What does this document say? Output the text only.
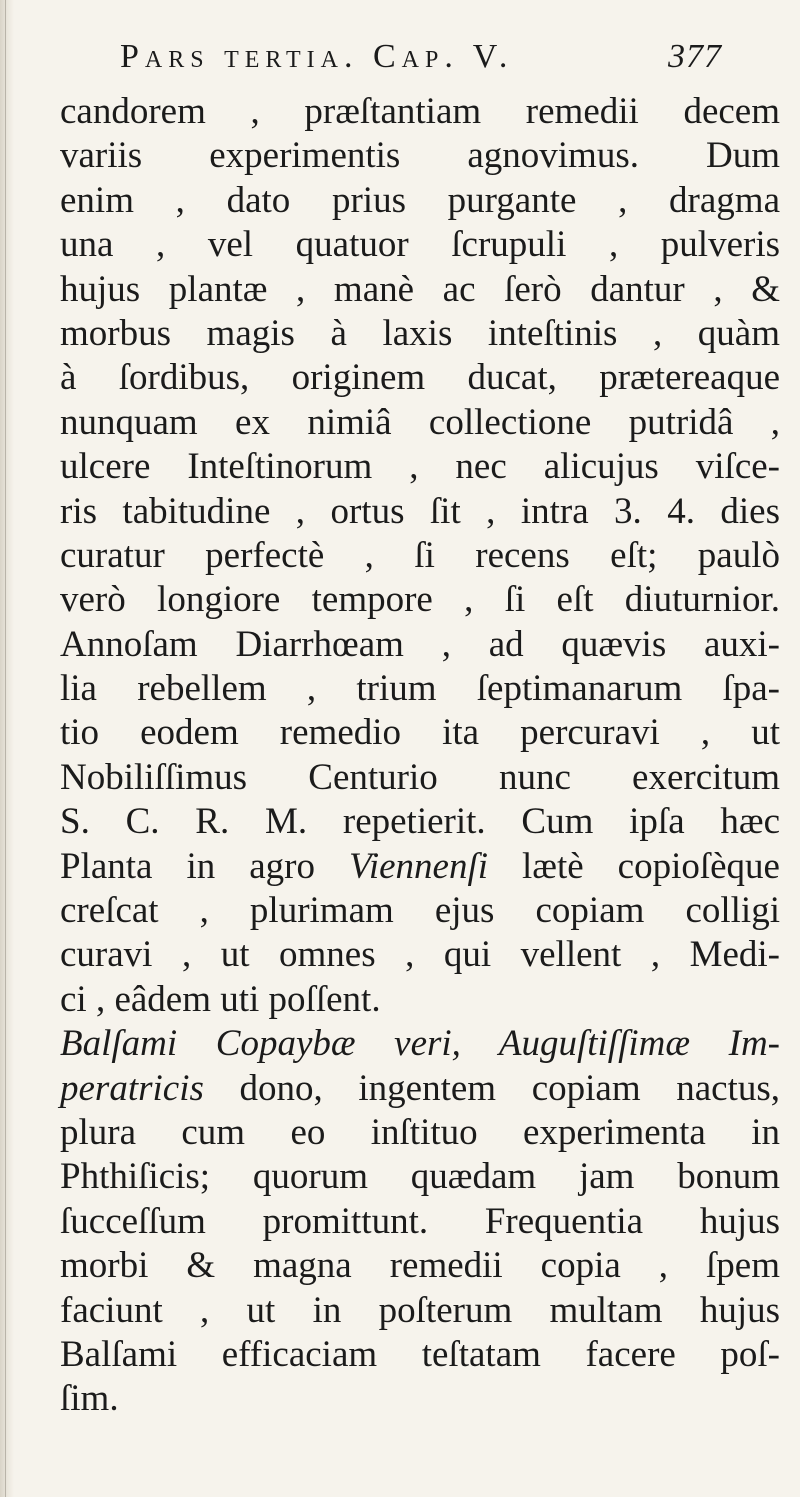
Pars tertia. Cap. V.	377
candorem , præſtantiam remedii decem
variis experimentis agnovimus. Dum
enim , dato prius purgante , dragma
una , vel quatuor ſcrupuli , pulveris
hujus plantæ , manè ac ſerò dantur , &
morbus magis à laxis inteſtinis , quàm
à ſordibus, originem ducat, prætereaque
nunquam ex nimiâ collectione putridâ ,
ulcere Inteſtinorum , nec alicujus viſce-
ris tabitudine , ortus ſit , intra 3. 4. dies
curatur perfectè , ſi recens eſt; paulò
verò longiore tempore , ſi eſt diuturnior.
Annoſam Diarrhœam , ad quævis auxi-
lia rebellem , trium ſeptimanarum ſpa-
tio eodem remedio ita percuravi , ut
Nobiliſſimus Centurio nunc exercitum
S. C. R. M. repetierit. Cum ipſa hæc
Planta in agro Viennenſi lætè copioſèque
creſcat , plurimam ejus copiam colligi
curavi , ut omnes , qui vellent , Medi-
ci , eâdem uti poſſent.
Balſami Copaybæ veri, Auguſtiſſimæ Im-
peratricis dono, ingentem copiam nactus,
plura cum eo inſtituo experimenta in
Phthiſicis; quorum quædam jam bonum
ſucceſſum promittunt. Frequentia hujus
morbi & magna remedii copia , ſpem
faciunt , ut in poſterum multam hujus
Balſami efficaciam teſtatam facere poſ-
ſim.
